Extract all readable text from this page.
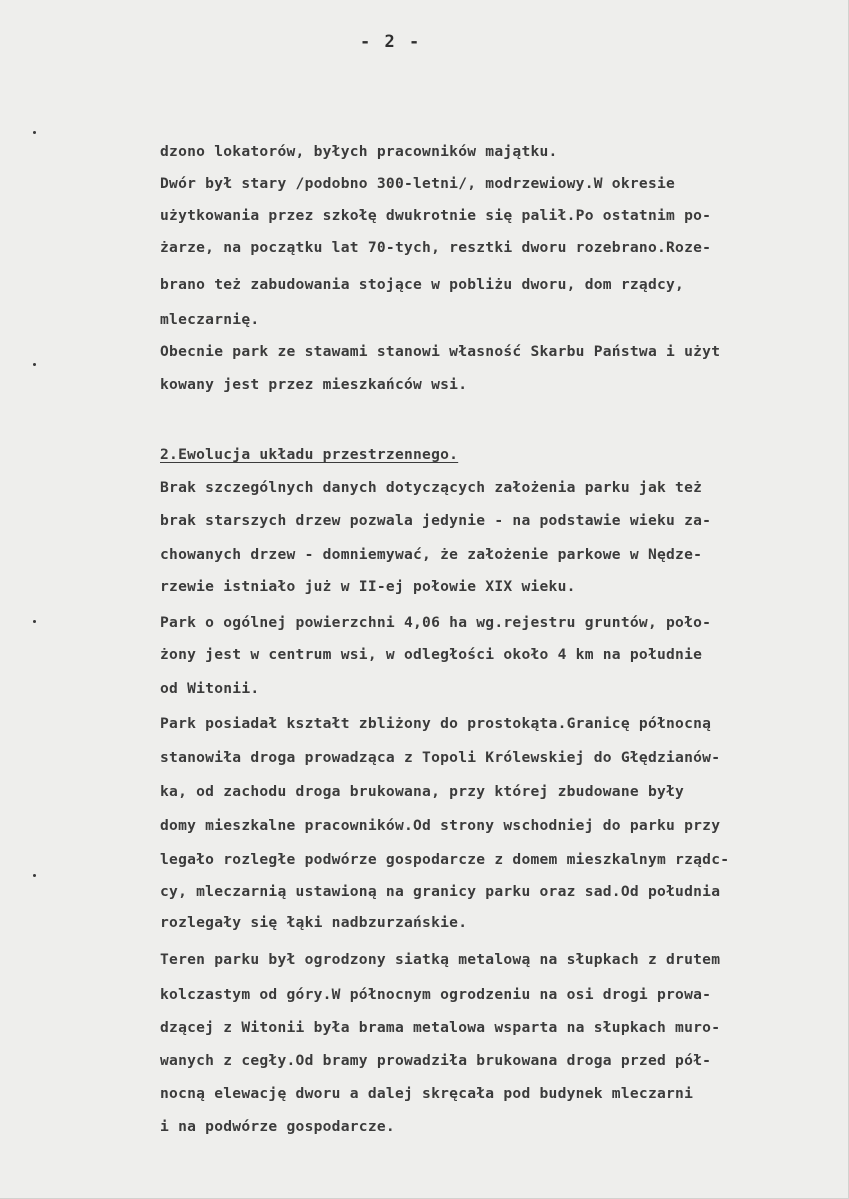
- 2 -
dzono lokatorów, byłych pracowników majątku.
Dwór był stary /podobno 300-letni/, modrzewiowy.W okresie
użytkowania przez szkołę dwukrotnie się palił.Po ostatnim po-
żarze, na początku lat 70-tych, resztki dworu rozebrano.Roze-
brano też zabudowania stojące w pobliżu dworu, dom rządcy,
mleczarnię.
Obecnie park ze stawami stanowi własność Skarbu Państwa i użyt
kowany jest przez mieszkańców wsi.
2.Ewolucja układu przestrzennego.
Brak szczególnych danych dotyczących założenia parku jak też
brak starszych drzew pozwala jedynie - na podstawie wieku za-
chowanych drzew - domniemywać, że założenie parkowe w Nędze-
rzewie istniało już w II-ej połowie XIX wieku.
Park o ogólnej powierzchni 4,06 ha wg.rejestru gruntów, poło-
żony jest w centrum wsi, w odległości około 4 km na południe
od Witonii.
Park posiadał kształt zbliżony do prostokąta.Granicę północną
stanowiła droga prowadząca z Topoli Królewskiej do Głędzianów-
ka, od zachodu droga brukowana, przy której zbudowane były
domy mieszkalne pracowników.Od strony wschodniej do parku przy
legało rozległe podwórze gospodarcze z domem mieszkalnym rządc-
cy, mleczarnią ustawioną na granicy parku oraz sad.Od południa
rozlegały się łąki nadbzurzańskie.
Teren parku był ogrodzony siatką metalową na słupkach z drutem
kolczastym od góry.W północnym ogrodzeniu na osi drogi prowa-
dzącej z Witonii była brama metalowa wsparta na słupkach muro-
wanych z cegły.Od bramy prowadziła brukowana droga przed pół-
nocną elewację dworu a dalej skręcała pod budynek mleczarni
i na podwórze gospodarcze.
